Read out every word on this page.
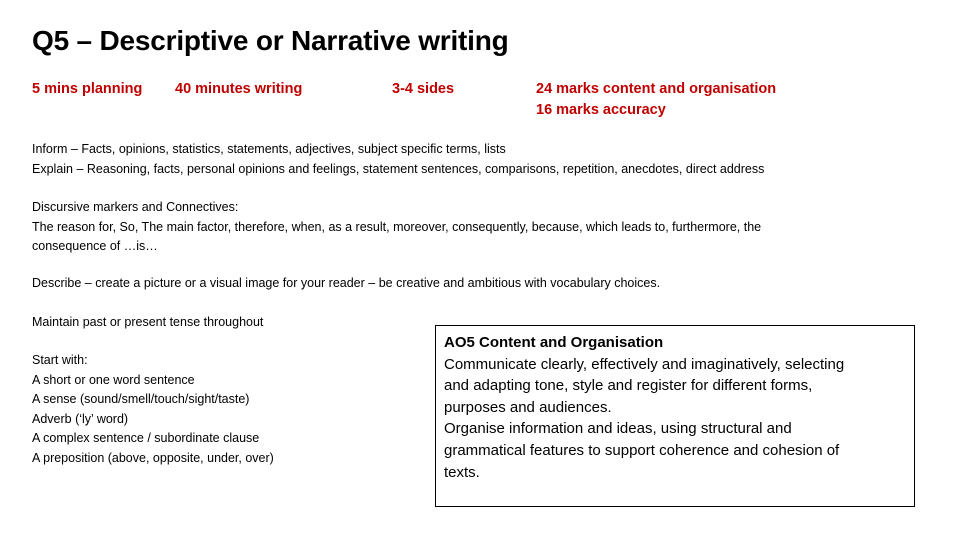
Q5 – Descriptive or Narrative writing
5 mins planning 40 minutes writing	3-4 sides	24 marks content and organisation
16 marks accuracy
Inform – Facts, opinions, statistics, statements, adjectives, subject specific terms, lists
Explain – Reasoning, facts, personal opinions and feelings, statement sentences, comparisons, repetition, anecdotes, direct address
Discursive markers and Connectives:
The reason for, So, The main factor, therefore, when, as a result, moreover, consequently, because, which leads to, furthermore, the
consequence of …is…
Describe – create a picture or a visual image for your reader – be creative and ambitious with vocabulary choices.
Maintain past or present tense throughout
Start with:
A short or one word sentence
A sense (sound/smell/touch/sight/taste)
Adverb (‘ly’ word)
A complex sentence / subordinate clause
A preposition (above, opposite, under, over)
AO5 Content and Organisation
Communicate clearly, effectively and imaginatively, selecting
and adapting tone, style and register for different forms,
purposes and audiences.
Organise information and ideas, using structural and
grammatical features to support coherence and cohesion of
texts.
